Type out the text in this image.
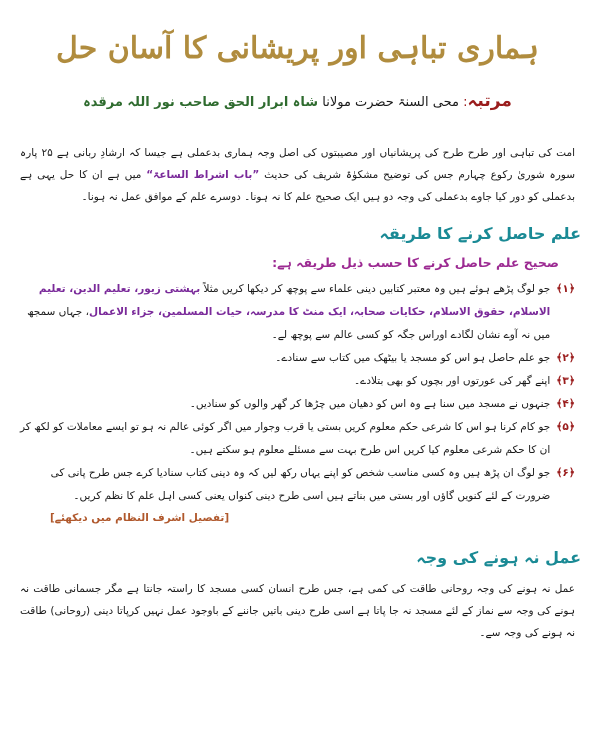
ہماری تباہی اور پریشانی کا آسان حل
مرتبہ: محی السنۃ حضرت مولانا شاہ ابرار الحق صاحب نور اللہ مرقدہ

امت کی تباہی اور طرح طرح کی پریشانیاں اور مصیبتوں کی اصل وجہ ہماری بدعملی ہے جیسا کہ ارشادِ ربانی ہے ۲۵ پارہ سورہ شوریٰ رکوع چہارم جس کی توضیح مشکوٰۃ شریف کی حدیث ”باب اشراط الساعۃ“ میں ہے ان کا حل یہی ہے بدعملی کو دور کیا جاوے بدعملی کی وجہ دو ہیں ایک صحیح علم کا نہ ہونا۔ دوسرے علم کے موافق عمل نہ ہونا۔

علم حاصل کرنے کا طریقہ
صحیح علم حاصل کرنے کا حسب ذیل طریقہ ہے:
﴿۱﴾
جو لوگ پڑھے ہوئے ہیں وہ معتبر کتابیں دینی علماء سے پوچھ کر دیکھا کریں مثلاً بہشتی زیور، تعلیم الدین، تعلیم الاسلام، حقوق الاسلام، حکایات صحابہ، ایک منٹ کا مدرسہ، حیات المسلمین، جزاء الاعمال، جہاں سمجھ میں نہ آوے نشان لگادے اوراس جگہ کو کسی عالم سے پوچھ لے۔
﴿۲﴾
جو علم حاصل ہو اس کو مسجد یا بیٹھک میں کتاب سے سنادے۔
﴿۳﴾
اپنے گھر کی عورتوں اور بچوں کو بھی بتلادے۔
﴿۴﴾
جنہوں نے مسجد میں سنا ہے وہ اس کو دھیان میں چڑھا کر گھر والوں کو سنادیں۔
﴿۵﴾
جو کام کرنا ہو اس کا شرعی حکم معلوم کریں بستی یا قرب وجوار میں اگر کوئی عالم نہ ہو تو ایسے معاملات کو لکھ کر ان کا حکم شرعی معلوم کیا کریں اس طرح بہت سے مسئلے معلوم ہو سکتے ہیں۔
﴿۶﴾
جو لوگ ان پڑھ ہیں وہ کسی مناسب شخص کو اپنے یہاں رکھ لیں کہ وہ دینی کتاب سنادیا کرے جس طرح پانی کی ضرورت کے لئے کنویں گاؤں اور بستی میں بناتے ہیں اسی طرح دینی کنواں یعنی کسی اہل علم کا نظم کریں۔
[تفصیل اشرف النظام میں دیکھئے]
عمل نہ ہونے کی وجہ

عمل نہ ہونے کی وجہ روحانی طاقت کی کمی ہے، جس طرح انسان کسی مسجد کا راستہ جانتا ہے مگر جسمانی طاقت نہ ہونے کی وجہ سے نماز کے لئے مسجد نہ جا پاتا ہے اسی طرح دینی باتیں جاننے کے باوجود عمل نہیں کرپاتا دینی (روحانی) طاقت نہ ہونے کی وجہ سے۔
